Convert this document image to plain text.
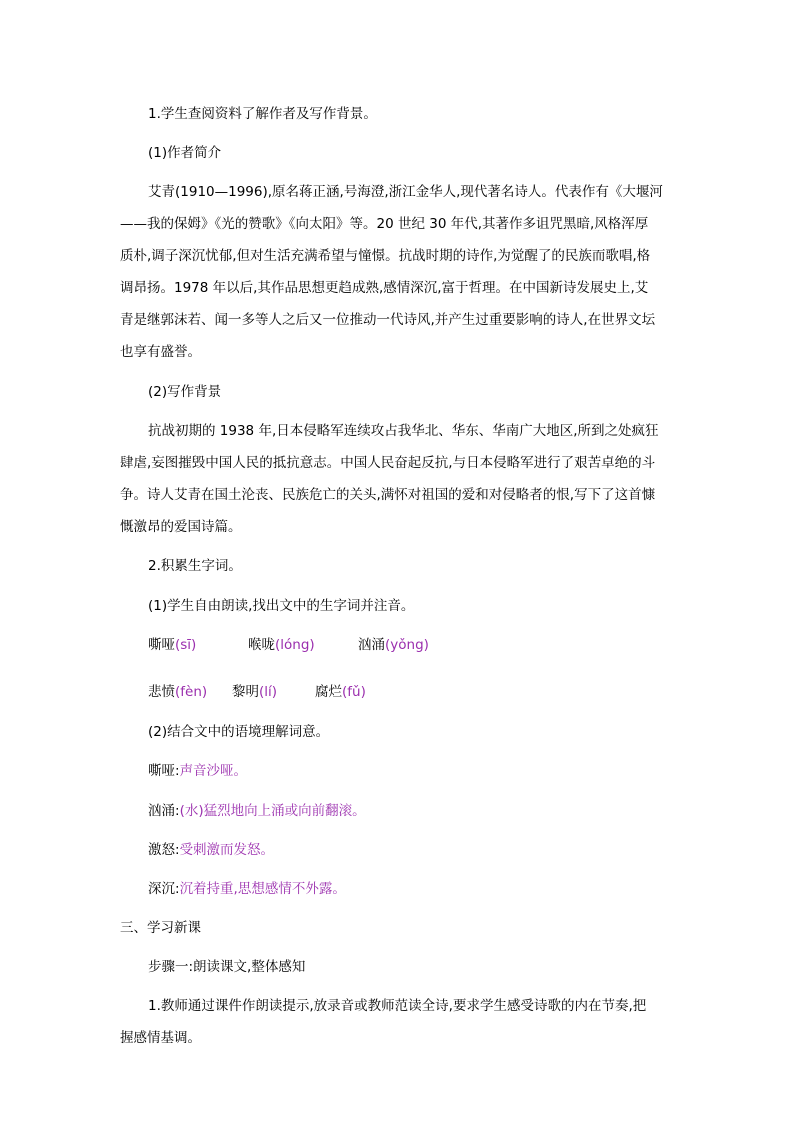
1.学生查阅资料了解作者及写作背景。
(1)作者简介
艾青(1910—1996),原名蒋正涵,号海澄,浙江金华人,现代著名诗人。代表作有《大堰河
——我的保姆》《光的赞歌》《向太阳》等。20 世纪 30 年代,其著作多诅咒黑暗,风格浑厚
质朴,调子深沉忧郁,但对生活充满希望与憧憬。抗战时期的诗作,为觉醒了的民族而歌唱,格
调昂扬。1978 年以后,其作品思想更趋成熟,感情深沉,富于哲理。在中国新诗发展史上,艾
青是继郭沫若、闻一多等人之后又一位推动一代诗风,并产生过重要影响的诗人,在世界文坛
也享有盛誉。
(2)写作背景
抗战初期的 1938 年,日本侵略军连续攻占我华北、华东、华南广大地区,所到之处疯狂
肆虐,妄图摧毁中国人民的抵抗意志。中国人民奋起反抗,与日本侵略军进行了艰苦卓绝的斗
争。诗人艾青在国土沦丧、民族危亡的关头,满怀对祖国的爱和对侵略者的恨,写下了这首慷
慨激昂的爱国诗篇。
2.积累生字词。
(1)学生自由朗读,找出文中的生字词并注音。
嘶哑(sī)	喉咙(lóng)	汹涌(yǒng)
悲愤(fèn) 黎明(lí)	腐烂(fǔ)
(2)结合文中的语境理解词意。
嘶哑:声音沙哑。
汹涌:(水)猛烈地向上涌或向前翻滚。
激怒:受刺激而发怒。
深沉:沉着持重,思想感情不外露。
三、学习新课
步骤一:朗读课文,整体感知
1.教师通过课件作朗读提示,放录音或教师范读全诗,要求学生感受诗歌的内在节奏,把
握感情基调。
